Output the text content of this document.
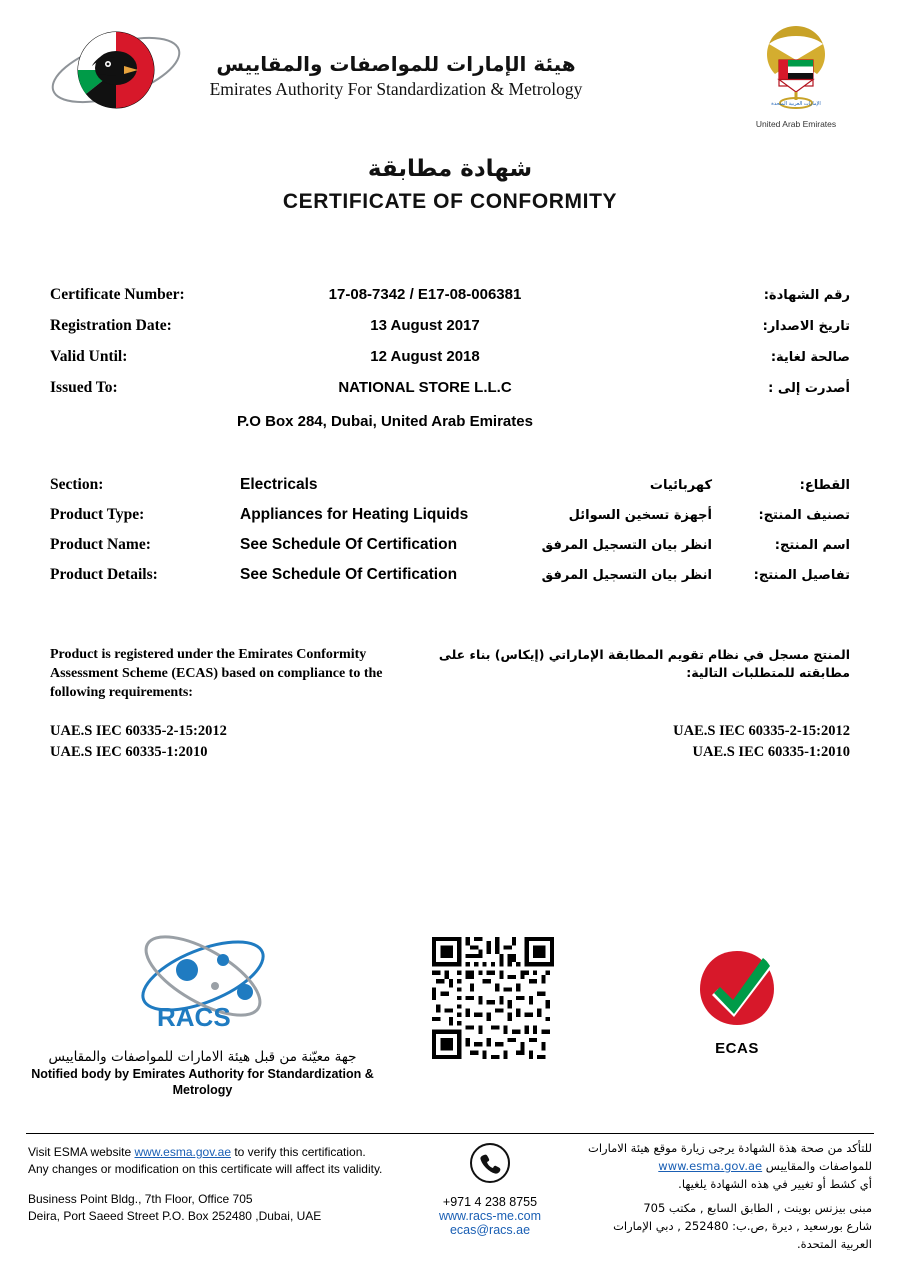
هيئة الإمارات للمواصفات والمقاييس
Emirates Authority For Standardization & Metrology
الإمارات العربية المتحدة
United Arab Emirates
شهادة مطابقة
CERTIFICATE OF CONFORMITY
Certificate Number:	17-08-7342 / E17-08-006381	رقم الشهادة:
Registration Date:	13 August 2017	تاريخ الاصدار:
Valid Until:	12 August 2018	صالحة لغاية:
Issued To:	NATIONAL STORE L.L.C	أصدرت إلى :
P.O Box 284, Dubai, United Arab Emirates
Section:	Electricals	كهربائيات	القطاع:
Product Type:	Appliances for Heating Liquids	أجهزة تسخين السوائل	تصنيف المنتج:
Product Name:	See Schedule Of Certification	انظر بيان التسجيل المرفق	اسم المنتج:
Product Details:	See Schedule Of Certification	انظر بيان التسجيل المرفق	تفاصيل المنتج:
Product is registered under the Emirates Conformity Assessment Scheme (ECAS) based on compliance to the following requirements:
المنتج مسجل في نظام تقويم المطابقة الإماراتي (إيكاس) بناء على مطابقته للمتطلبات التالية:
UAE.S IEC 60335-2-15:2012
UAE.S IEC 60335-1:2010
UAE.S IEC 60335-2-15:2012
UAE.S IEC 60335-1:2010
RACS
جهة معيّنة من قبل هيئة الامارات للمواصفات والمقاييس
Notified body by Emirates Authority for Standardization & Metrology
ECAS

Visit ESMA website www.esma.gov.ae to verify this certification.

Any changes or modification on this certificate will affect its validity.

Business Point Bldg., 7th Floor, Office 705

Deira, Port Saeed Street P.O. Box 252480 ,Dubai, UAE

+971 4 238 8755
www.racs-me.com
ecas@racs.ae
للتأكد من صحة هذة الشهادة يرجى زيارة موقع هيئة الامارات
للمواصفات والمقاييس www.esma.gov.ae
أي كشط أو تغيير في هذه الشهادة يلغيها.
مبنى بيزنس بوينت , الطابق السابع , مكتب 705
شارع بورسعيد , ديرة ,ص.ب: 252480 , دبي الإمارات
العربية المتحدة.
